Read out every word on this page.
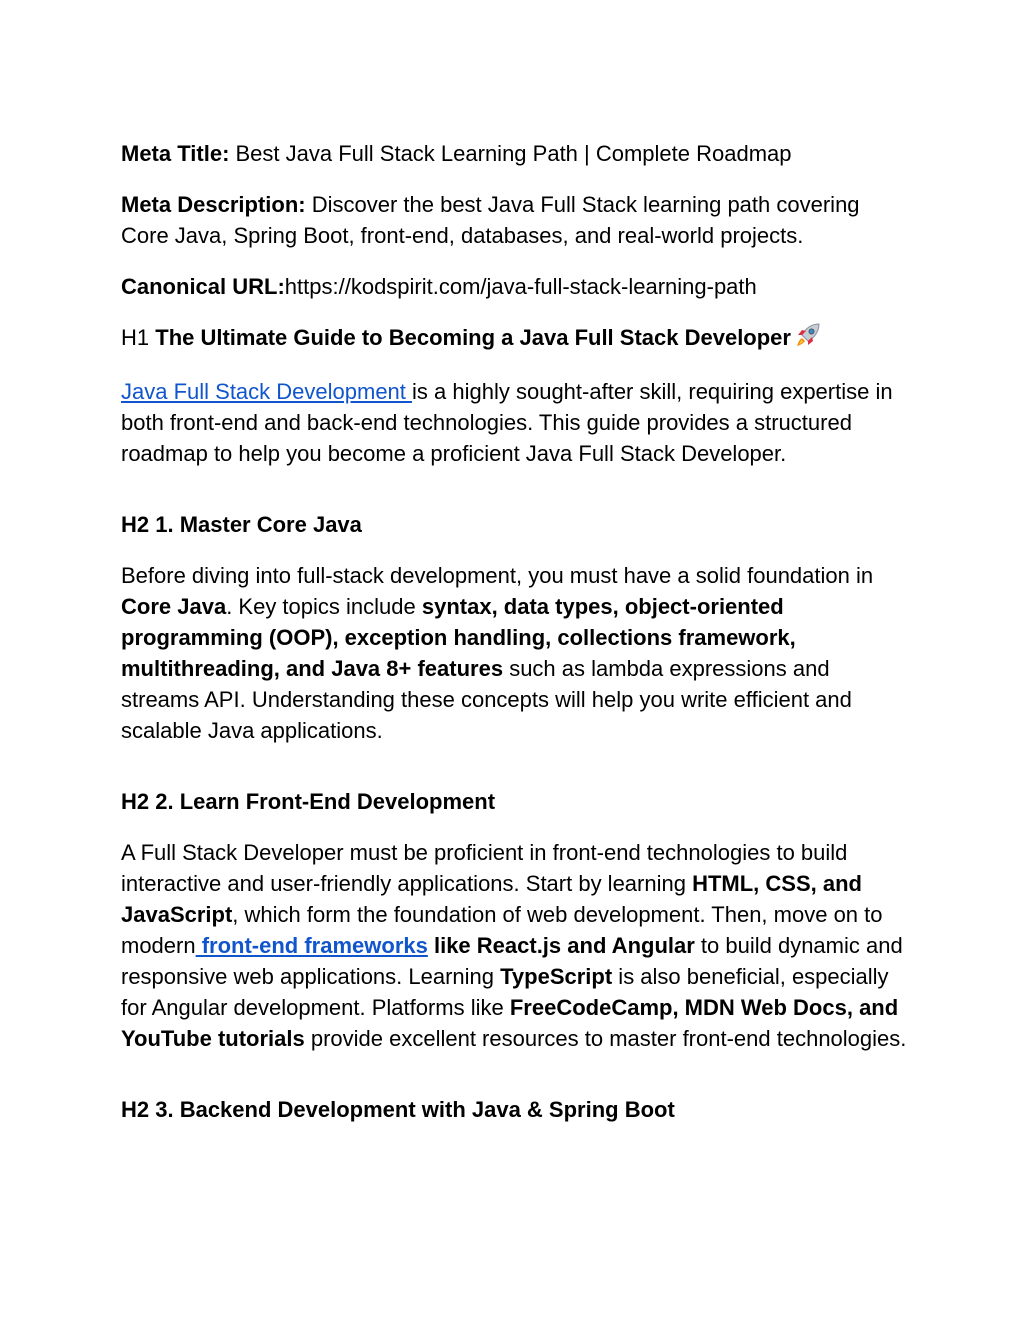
Meta Title: Best Java Full Stack Learning Path | Complete Roadmap

Meta Description: Discover the best Java Full Stack learning path covering Core Java, Spring Boot, front-end, databases, and real-world projects.

Canonical URL:https://kodspirit.com/java-full-stack-learning-path

H1 The Ultimate Guide to Becoming a Java Full Stack Developer

Java Full Stack Development is a highly sought-after skill, requiring expertise in both front-end and back-end technologies. This guide provides a structured roadmap to help you become a proficient Java Full Stack Developer.

H2 1. Master Core Java

Before diving into full-stack development, you must have a solid foundation in Core Java. Key topics include syntax, data types, object-oriented programming (OOP), exception handling, collections framework, multithreading, and Java 8+ features such as lambda expressions and streams API. Understanding these concepts will help you write efficient and scalable Java applications.

H2 2. Learn Front-End Development

A Full Stack Developer must be proficient in front-end technologies to build interactive and user-friendly applications. Start by learning HTML, CSS, and JavaScript, which form the foundation of web development. Then, move on to modern front-end frameworks like React.js and Angular to build dynamic and responsive web applications. Learning TypeScript is also beneficial, especially for Angular development. Platforms like FreeCodeCamp, MDN Web Docs, and YouTube tutorials provide excellent resources to master front-end technologies.

H2 3. Backend Development with Java & Spring Boot
